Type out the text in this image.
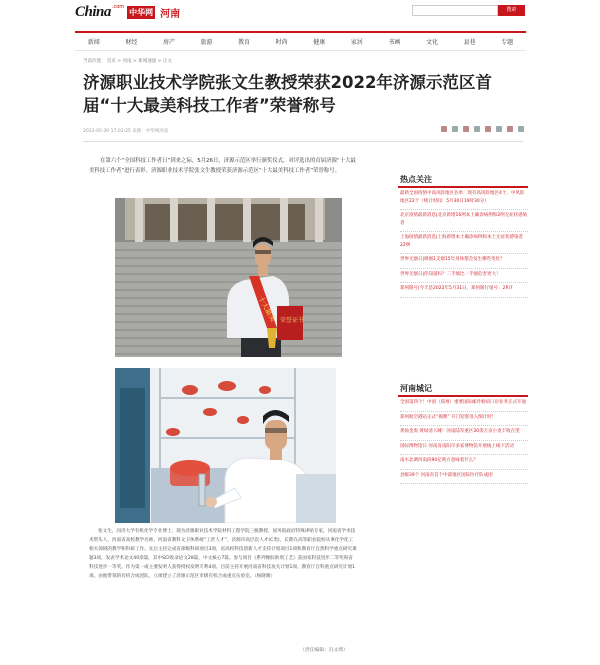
China .com
中华网 河南	搜索
新闻	财经	房产	旅游	教育	时尚	健康	家居	书画	文化	县巷	专题
当前位置： 首页 > 河南 > 新闻速递 > 正文
济源职业技术学院张文生教授荣获2022年济源示范区首届“十大最美科技工作者”荣誉称号
2022-05-30 17:01:25 来源：中华网河南

在第六个“全国科技工作者日”到来之际，5月26日，济源示范区举行颁奖仪式，对评选出的首届济源“十大最美科技工作者”进行表彰。济源职业技术学院张文生教授荣获济源示范区“十大最美科技工作者”荣誉称号。

十大最美 荣誉证书

张文生，同济大学有机化学专业博士，现为济源职业技术学院材料工程学院三级教授，国务院政府特殊津贴专家，河南省学术技术带头人，河南省高校教学名师，河南省教科文卫体系统“工匠人才”，济源市高层次人才(C类)，长期在高等职业院校从事化学化工相关领域的教学和科研工作。先后主持完成省部级科研项目3项，省高校科技创新人才支持计划项目1项和教育厅自然科学重点研究课题3项，发表学术论文40余篇，其中SCI收录论文28篇，中文核心7篇。参与项目《系列橡胶助剂工艺》获国家科技进步二等奖和省科技进步一等奖。作为第一或主要发明人获得授权发明专利4项。目前主持开展河南省科技攻关计划1项、教育厅自科重点研究计划1项。由他带领的有机合成团队，立项建立了济源示范区市级有机合成重点实验室。（杨晓晴）

（责任编辑：冯文琦）
热点关注
最新全国疫情中高风险地区名单：现有高风险地区4个，中风险地区22个（统计时间：5月30日19时30分）
北京疫情最新消息|北京新增16例本土确诊病例和2例无症状感染者
上海疫情最新消息|上海新增本土确诊病例和本土无症状感染者22例
世界无烟日|吸烟1支烟15年身体都会发生哪些变化？
世界无烟日|你知道吗？二手烟比一手烟危害更大！
郑州限号|今天是2022年5月31日，郑州限行尾号：2和7
河南城记
全国第四个！中国（郑州）重要国际邮件枢纽口岸业务正式开通
郑州航空港站正式“揭牌” 开门迎客进入倒计时！
黄灿金奥 黄绿清人睡！河南陆军重区30余万亩小麦丰收在望
国际博物馆日 河南省南阳市多家博物馆开展线上线下活动
南水北调河南段90亿吨方意味着什么？
县级39个 河南省首个中部地区国际医疗队成团
